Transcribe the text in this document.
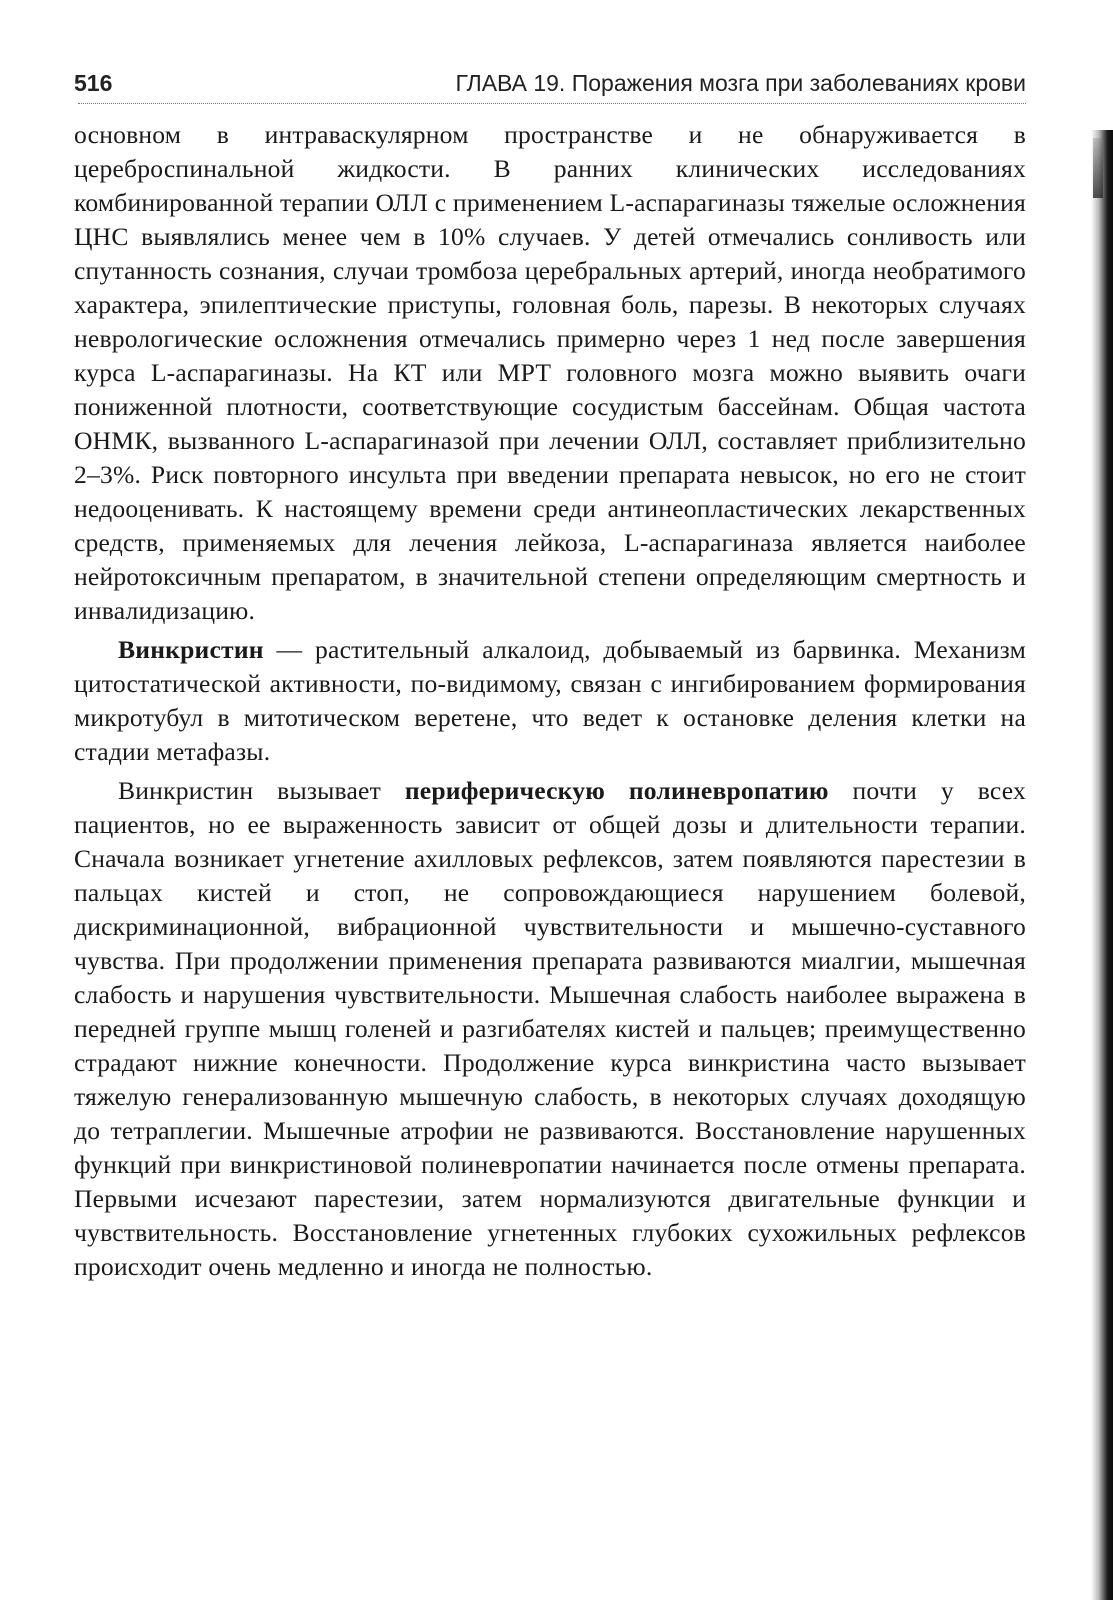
516	ГЛАВА 19. Поражения мозга при заболеваниях крови

основном в интраваскулярном пространстве и не обнаруживается в цереброспинальной жидкости. В ранних клинических исследованиях комбинированной терапии ОЛЛ с применением L-аспарагиназы тяжелые осложнения ЦНС выявлялись менее чем в 10% случаев. У детей отмечались сонливость или спутанность сознания, случаи тромбоза церебральных артерий, иногда необратимого характера, эпилептические приступы, головная боль, парезы. В некоторых случаях неврологические осложнения отмечались примерно через 1 нед после завершения курса L-аспарагиназы. На КТ или МРТ головного мозга можно выявить очаги пониженной плотности, соответствующие сосудистым бассейнам. Общая частота ОНМК, вызванного L-аспарагиназой при лечении ОЛЛ, составляет приблизительно 2–3%. Риск повторного инсульта при введении препарата невысок, но его не стоит недооценивать. К настоящему времени среди антинеопластических лекарственных средств, применяемых для лечения лейкоза, L-аспарагиназа является наиболее нейротоксичным препаратом, в значительной степени определяющим смертность и инвалидизацию.

Винкристин — растительный алкалоид, добываемый из барвинка. Механизм цитостатической активности, по-видимому, связан с ингибированием формирования микротубул в митотическом веретене, что ведет к остановке деления клетки на стадии метафазы.

Винкристин вызывает периферическую полиневропатию почти у всех пациентов, но ее выраженность зависит от общей дозы и длительности терапии. Сначала возникает угнетение ахилловых рефлексов, затем появляются парестезии в пальцах кистей и стоп, не сопровождающиеся нарушением болевой, дискриминационной, вибрационной чувствительности и мышечно-суставного чувства. При продолжении применения препарата развиваются миалгии, мышечная слабость и нарушения чувствительности. Мышечная слабость наиболее выражена в передней группе мышц голеней и разгибателях кистей и пальцев; преимущественно страдают нижние конечности. Продолжение курса винкристина часто вызывает тяжелую генерализованную мышечную слабость, в некоторых случаях доходящую до тетраплегии. Мышечные атрофии не развиваются. Восстановление нарушенных функций при винкристиновой полиневропатии начинается после отмены препарата. Первыми исчезают парестезии, затем нормализуются двигательные функции и чувствительность. Восстановление угнетенных глубоких сухожильных рефлексов происходит очень медленно и иногда не полностью.
